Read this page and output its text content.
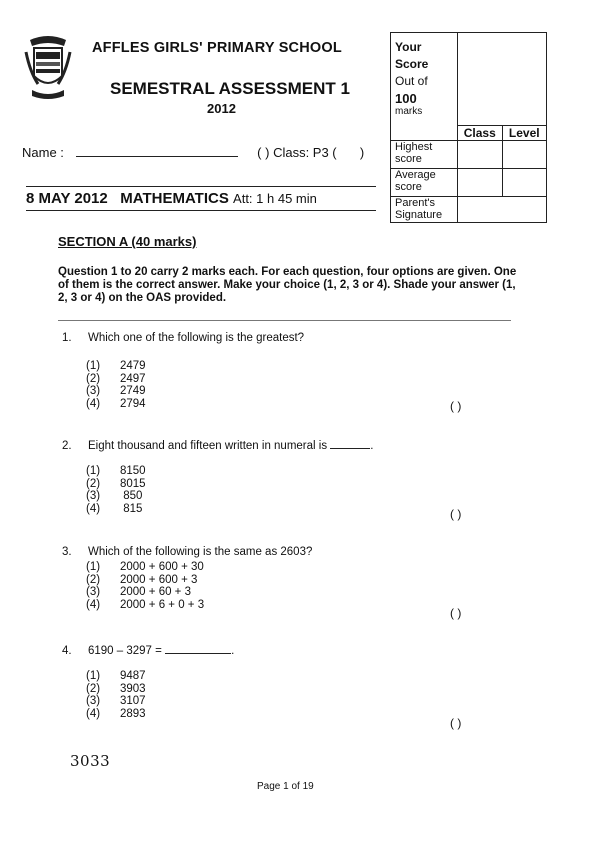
AFFLES GIRLS' PRIMARY SCHOOL
SEMESTRAL ASSESSMENT 1
2012
Name :	( ) Class: P3 ( )
8 MAY 2012 MATHEMATICS Att: 1 h 45 min
Your
Score
Out of
100
marks		

	Class	Level
Highest score		
Average score		
Parent's Signature		
SECTION A (40 marks)
Question 1 to 20 carry 2 marks each. For each question, four options are given. One of them is the correct answer. Make your choice (1, 2, 3 or 4). Shade your answer (1, 2, 3 or 4) on the OAS provided.
1. Which one of the following is the greatest?
(1) 2479
(2) 2497
(3) 2749
(4) 2794	( )
2. Eight thousand and fifteen written in numeral is	.
(1) 8150
(2) 8015
(3) 850
(4) 815	( )
3. Which of the following is the same as 2603?
(1) 2000 + 600 + 30
(2) 2000 + 600 + 3
(3) 2000 + 60 + 3
(4) 2000 + 6 + 0 + 3
( )
4. 6190 – 3297 =	.
(1) 9487
(2) 3903
(3) 3107
(4) 2893
( )
3033
Page 1 of 19
